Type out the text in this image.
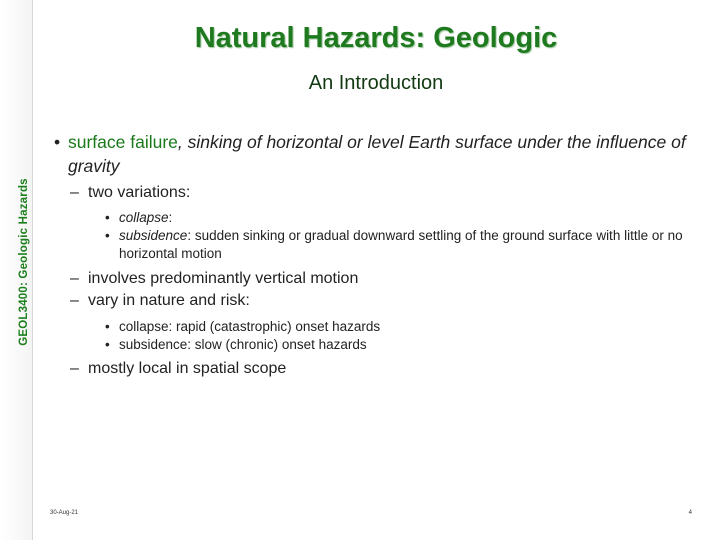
GEOL3400: Geologic Hazards
Natural Hazards: Geologic
An Introduction
• surface failure, sinking of horizontal or level Earth surface under the influence of gravity
– two variations:
• collapse:
• subsidence: sudden sinking or gradual downward settling of the ground surface with little or no horizontal motion
– involves predominantly vertical motion
– vary in nature and risk:
• collapse: rapid (catastrophic) onset hazards
• subsidence: slow (chronic) onset hazards
– mostly local in spatial scope
30-Aug-21	4
